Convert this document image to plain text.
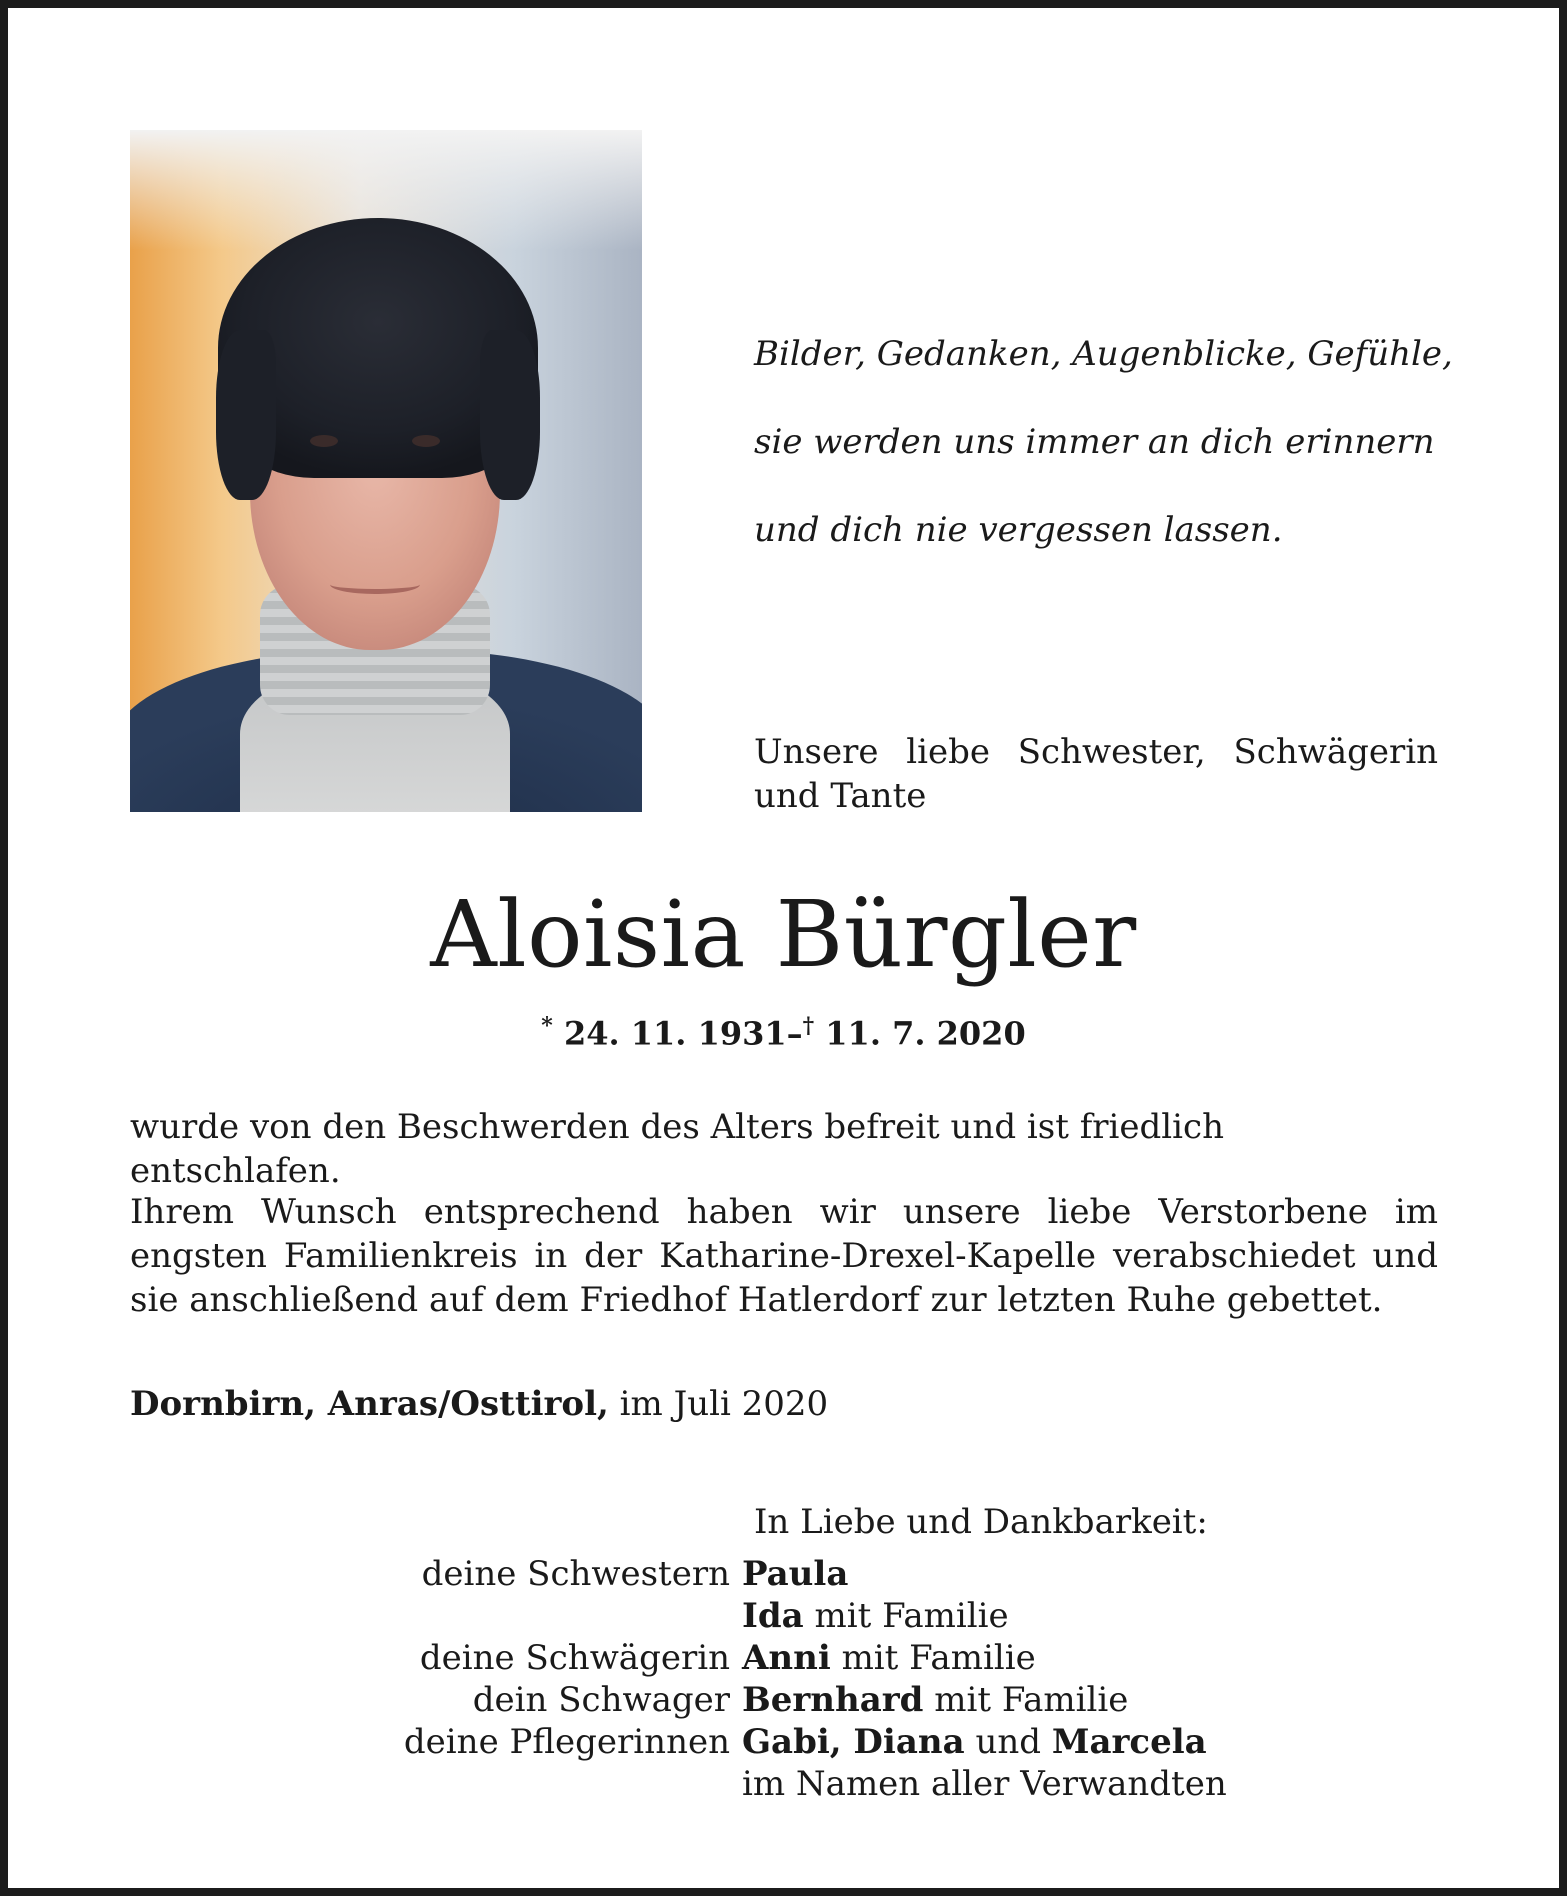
Bilder, Gedanken, Augenblicke, Gefühle,

sie werden uns immer an dich erinnern

und dich nie vergessen lassen.

Unsere liebe Schwester, Schwägerin und Tante
Aloisia Bürgler
* 24. 11. 1931–† 11. 7. 2020
wurde von den Beschwerden des Alters befreit und ist friedlich entschlafen.
Ihrem Wunsch entsprechend haben wir unsere liebe Verstorbene im engsten Familienkreis in der Katharine-Drexel-Kapelle verabschiedet und sie anschließend auf dem Friedhof Hatlerdorf zur letzten Ruhe gebettet.
Dornbirn, Anras/Osttirol, im Juli 2020
In Liebe und Dankbarkeit:
deine Schwestern Paula
Ida mit Familie
deine Schwägerin Anni mit Familie
dein Schwager Bernhard mit Familie
deine Pflegerinnen Gabi, Diana und Marcela
im Namen aller Verwandten
